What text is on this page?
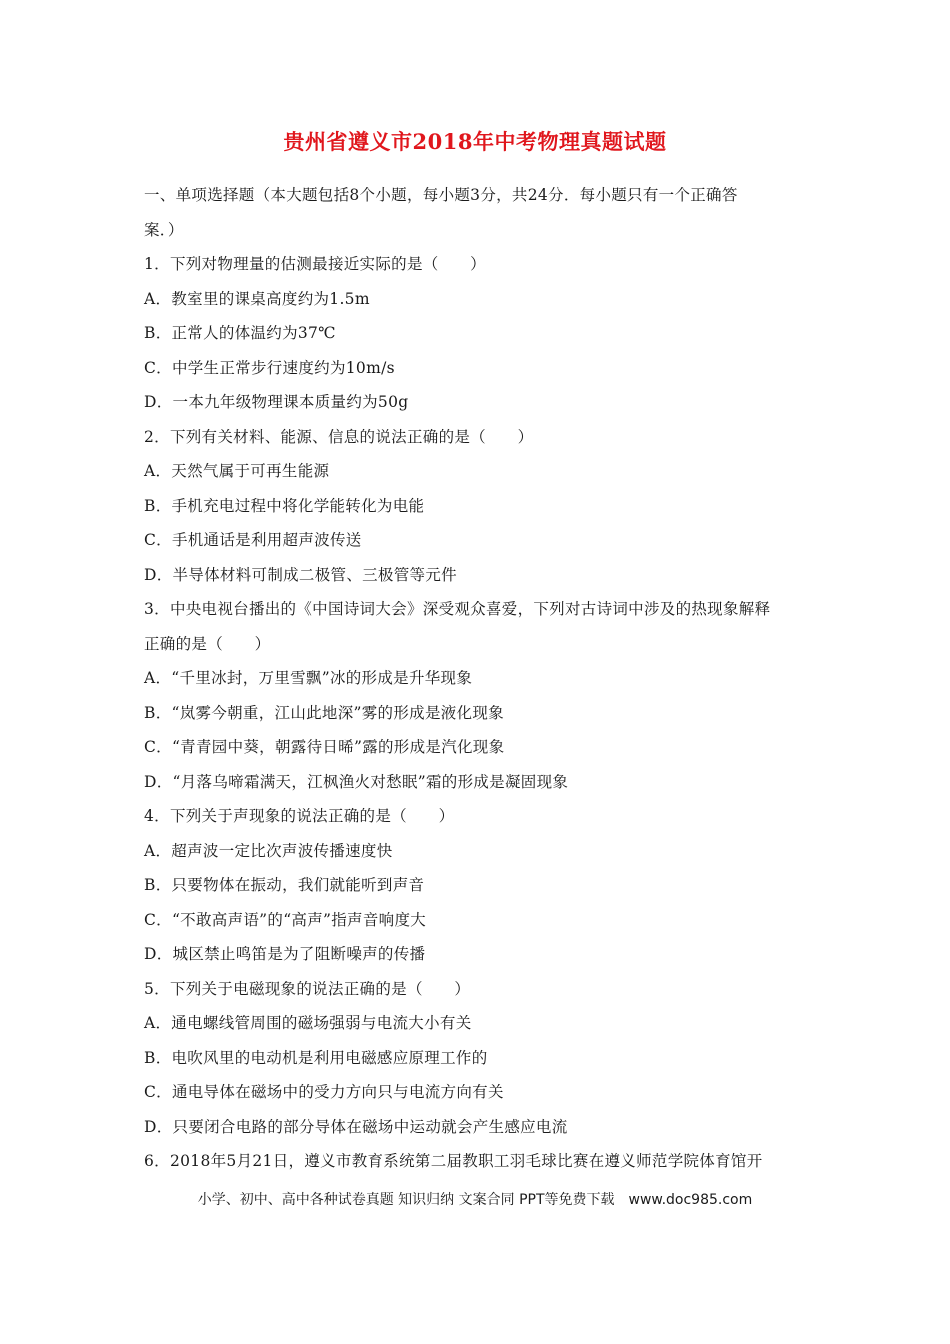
贵州省遵义市2018年中考物理真题试题
一、单项选择题（本大题包括8个小题，每小题3分，共24分．每小题只有一个正确答
案．）
1．下列对物理量的估测最接近实际的是（　　）
A．教室里的课桌高度约为1.5m
B．正常人的体温约为37℃
C．中学生正常步行速度约为10m/s
D．一本九年级物理课本质量约为50g
2．下列有关材料、能源、信息的说法正确的是（　　）
A．天然气属于可再生能源
B．手机充电过程中将化学能转化为电能
C．手机通话是利用超声波传送
D．半导体材料可制成二极管、三极管等元件
3．中央电视台播出的《中国诗词大会》深受观众喜爱，下列对古诗词中涉及的热现象解释
正确的是（　　）
A．“千里冰封，万里雪飘”冰的形成是升华现象
B．“岚雾今朝重，江山此地深”雾的形成是液化现象
C．“青青园中葵，朝露待日晞”露的形成是汽化现象
D．“月落乌啼霜满天，江枫渔火对愁眠”霜的形成是凝固现象
4．下列关于声现象的说法正确的是（　　）
A．超声波一定比次声波传播速度快
B．只要物体在振动，我们就能听到声音
C．“不敢高声语”的“高声”指声音响度大
D．城区禁止鸣笛是为了阻断噪声的传播
5．下列关于电磁现象的说法正确的是（　　）
A．通电螺线管周围的磁场强弱与电流大小有关
B．电吹风里的电动机是利用电磁感应原理工作的
C．通电导体在磁场中的受力方向只与电流方向有关
D．只要闭合电路的部分导体在磁场中运动就会产生感应电流
6．2018年5月21日，遵义市教育系统第二届教职工羽毛球比赛在遵义师范学院体育馆开
小学、初中、高中各种试卷真题 知识归纳 文案合同 PPT等免费下载　www.doc985.com
